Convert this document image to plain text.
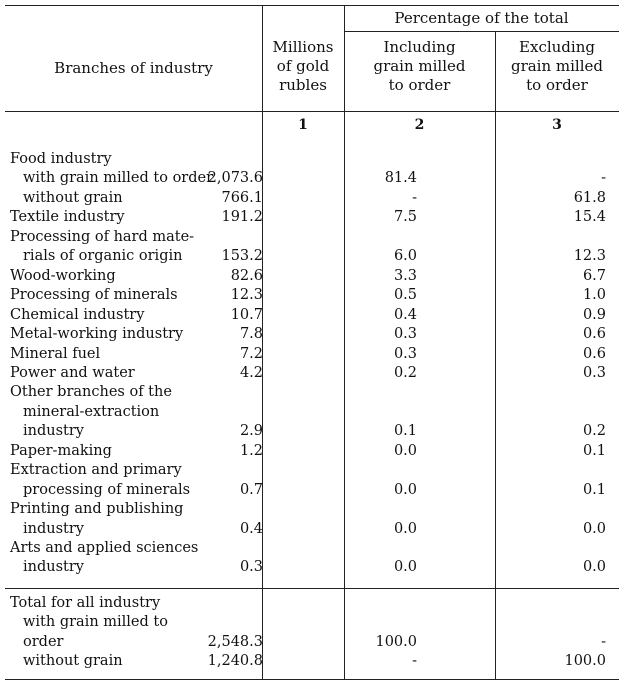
Branches of industry
Millions
of gold
rubles
Percentage of the total
Including
grain milled
to order
Excluding
grain milled
to order
1	2	3
Food industry
with grain milled to order
2,073.6	81.4	-
without grain	766.1	-	61.8
Textile industry	191.2	7.5	15.4
Processing of hard mate-
rials of organic origin	153.2	6.0	12.3
Wood-working	82.6	3.3	6.7
Processing of minerals	12.3	0.5	1.0
Chemical industry	10.7	0.4	0.9
Metal-working industry	7.8	0.3	0.6
Mineral fuel	7.2	0.3	0.6
Power and water	4.2	0.2	0.3
Other branches of the
mineral-extraction
industry	2.9	0.1	0.2
Paper-making	1.2	0.0	0.1
Extraction and primary
processing of minerals	0.7	0.0	0.1
Printing and publishing
industry	0.4	0.0	0.0
Arts and applied sciences
industry	0.3	0.0	0.0
Total for all industry
with grain milled to
order	2,548.3	100.0	-
without grain	1,240.8	-	100.0
